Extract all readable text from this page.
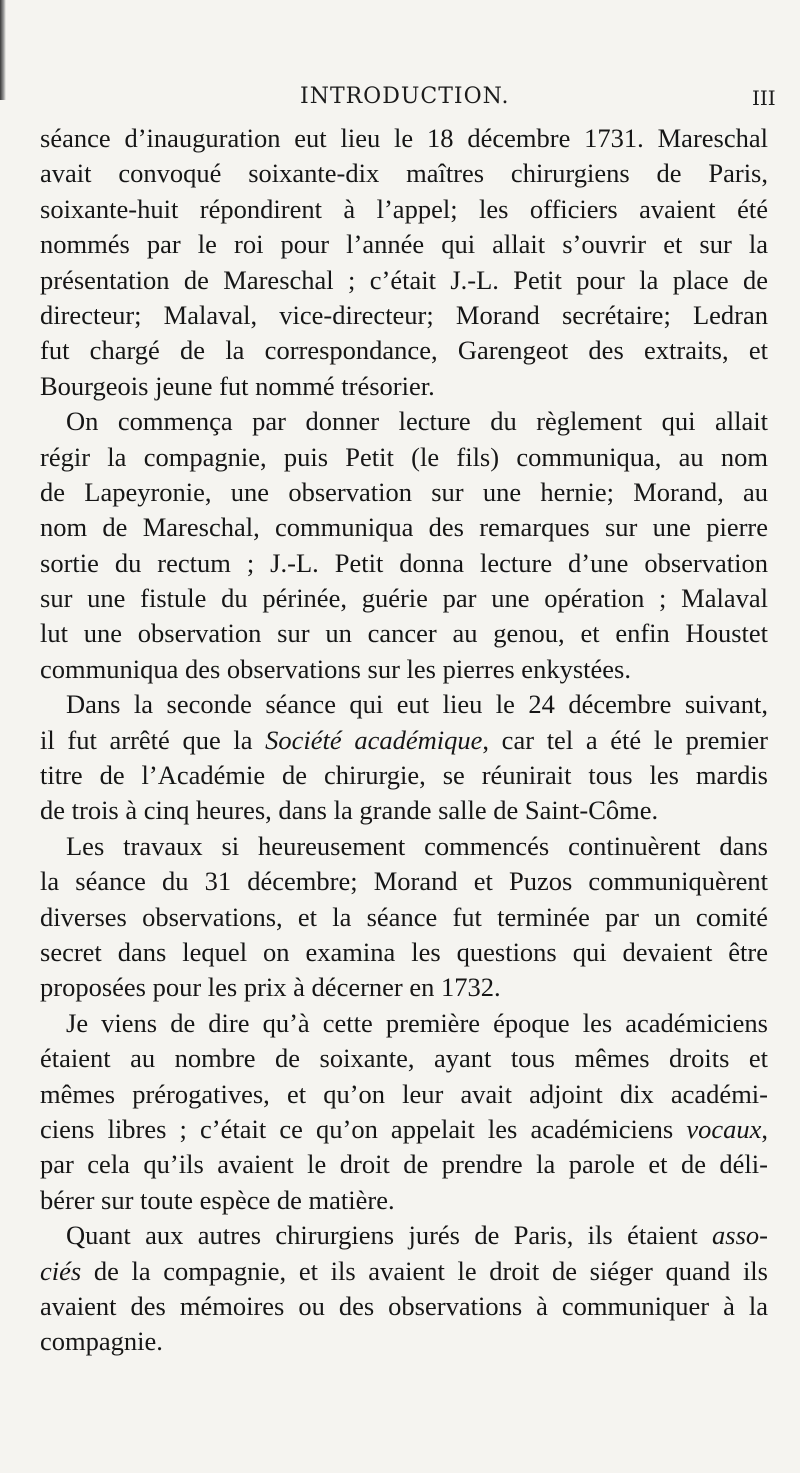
INTRODUCTION.	III
séance d’inauguration eut lieu le 18 décembre 1731. Mareschal
avait convoqué soixante-dix maîtres chirurgiens de Paris,
soixante-huit répondirent à l’appel; les officiers avaient été
nommés par le roi pour l’année qui allait s’ouvrir et sur la
présentation de Mareschal ; c’était J.-L. Petit pour la place de
directeur; Malaval, vice-directeur; Morand secrétaire; Ledran
fut chargé de la correspondance, Garengeot des extraits, et
Bourgeois jeune fut nommé trésorier.
On commença par donner lecture du règlement qui allait
régir la compagnie, puis Petit (le fils) communiqua, au nom
de Lapeyronie, une observation sur une hernie; Morand, au
nom de Mareschal, communiqua des remarques sur une pierre
sortie du rectum ; J.-L. Petit donna lecture d’une observation
sur une fistule du périnée, guérie par une opération ; Malaval
lut une observation sur un cancer au genou, et enfin Houstet
communiqua des observations sur les pierres enkystées.
Dans la seconde séance qui eut lieu le 24 décembre suivant,
il fut arrêté que la Société académique, car tel a été le premier
titre de l’Académie de chirurgie, se réunirait tous les mardis
de trois à cinq heures, dans la grande salle de Saint-Côme.
Les travaux si heureusement commencés continuèrent dans
la séance du 31 décembre; Morand et Puzos communiquèrent
diverses observations, et la séance fut terminée par un comité
secret dans lequel on examina les questions qui devaient être
proposées pour les prix à décerner en 1732.
Je viens de dire qu’à cette première époque les académiciens
étaient au nombre de soixante, ayant tous mêmes droits et
mêmes prérogatives, et qu’on leur avait adjoint dix académi-
ciens libres ; c’était ce qu’on appelait les académiciens vocaux,
par cela qu’ils avaient le droit de prendre la parole et de déli-
bérer sur toute espèce de matière.
Quant aux autres chirurgiens jurés de Paris, ils étaient asso-
ciés de la compagnie, et ils avaient le droit de siéger quand ils
avaient des mémoires ou des observations à communiquer à la
compagnie.
